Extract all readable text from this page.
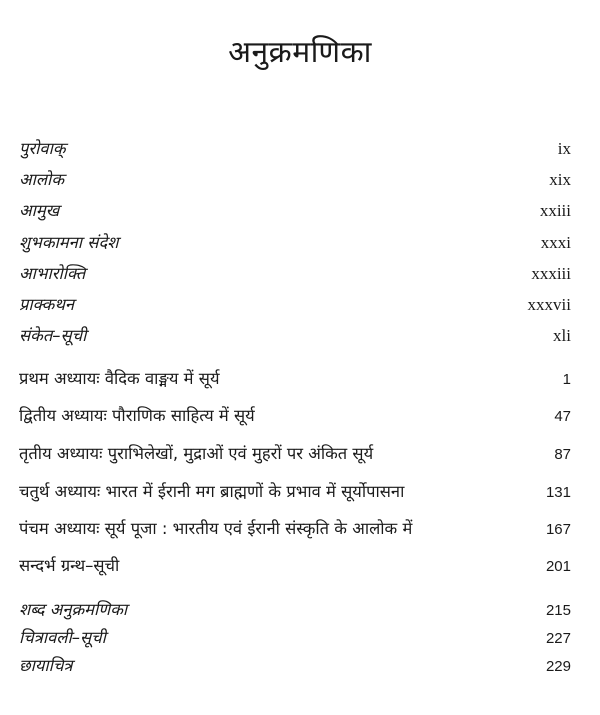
अनुक्रमणिका
पुरोवाक्	ix
आलोक	xix
आमुख	xxiii
शुभकामना संदेश	xxxi
आभारोक्ति	xxxiii
प्राक्कथन	xxxvii
संकेत–सूची	xli
प्रथम अध्यायः वैदिक वाङ्मय में सूर्य	1
द्वितीय अध्यायः पौराणिक साहित्य में सूर्य	47
तृतीय अध्यायः पुराभिलेखों, मुद्राओं एवं मुहरों पर अंकित सूर्य	87
चतुर्थ अध्यायः भारत में ईरानी मग ब्राह्मणों के प्रभाव में सूर्योपासना	131
पंचम अध्यायः सूर्य पूजा : भारतीय एवं ईरानी संस्कृति के आलोक में	167
सन्दर्भ ग्रन्थ–सूची	201
शब्द अनुक्रमणिका	215
चित्रावली–सूची	227
छायाचित्र	229
